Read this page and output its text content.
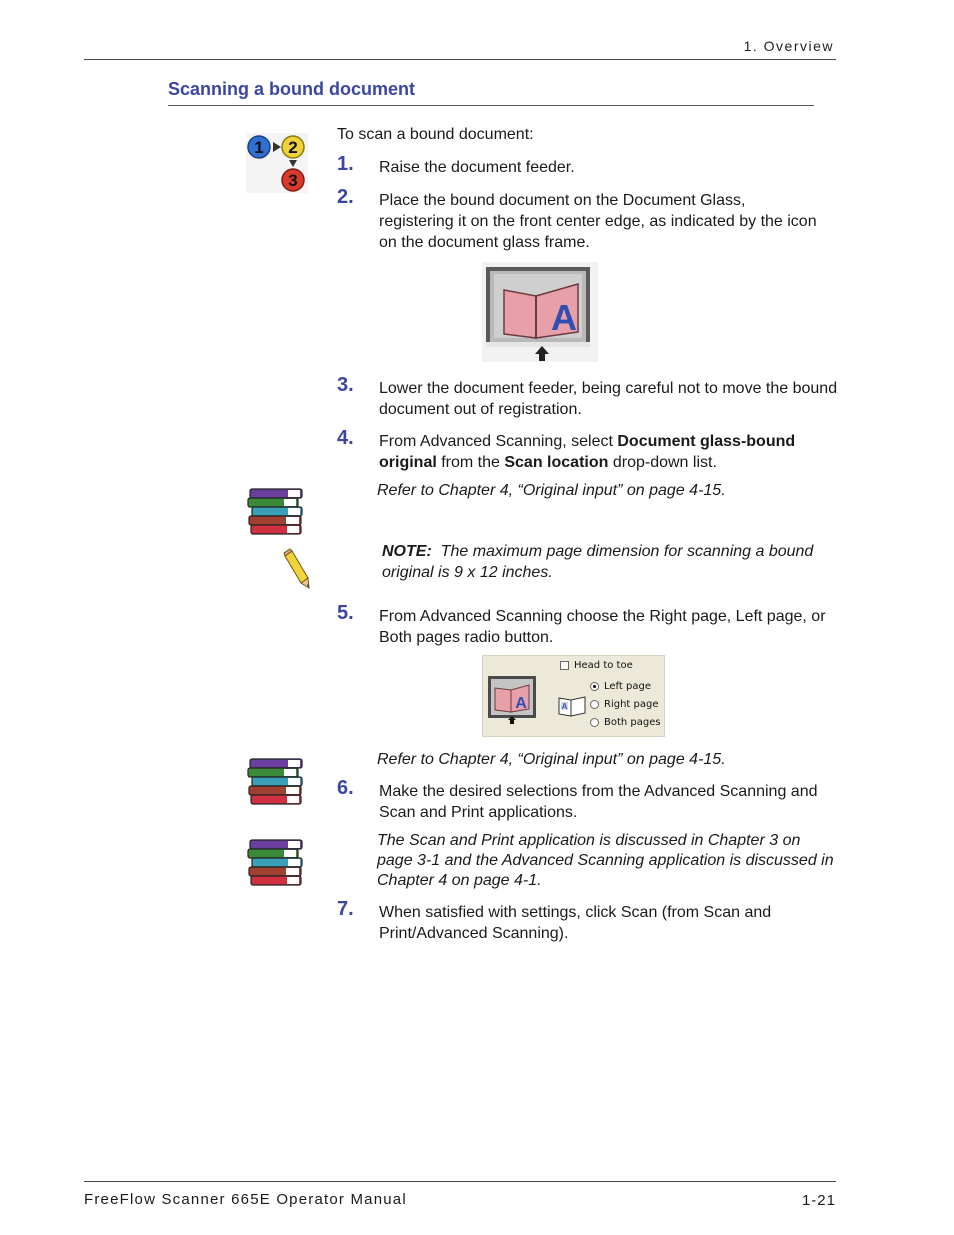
1. Overview
Scanning a bound document
1 2
3
To scan a bound document:
1. Raise the document feeder.
2. Place the bound document on the Document Glass, registering it on the front center edge, as indicated by the icon on the document glass frame.
A
3. Lower the document feeder, being careful not to move the bound document out of registration.
4. From Advanced Scanning, select Document glass-bound original from the Scan location drop-down list.
Refer to Chapter 4, “Original input” on page 4-15.
NOTE: The maximum page dimension for scanning a bound original is 9 x 12 inches.
5. From Advanced Scanning choose the Right page, Left page, or Both pages radio button.
A	A
Head to toe
Left page
Right page
Both pages
Refer to Chapter 4, “Original input” on page 4-15.
6. Make the desired selections from the Advanced Scanning and Scan and Print applications.
The Scan and Print application is discussed in Chapter 3 on page 3-1 and the Advanced Scanning application is discussed in Chapter 4 on page 4-1.
7. When satisfied with settings, click Scan (from Scan and Print/Advanced Scanning).
FreeFlow Scanner 665E Operator Manual	1-21
